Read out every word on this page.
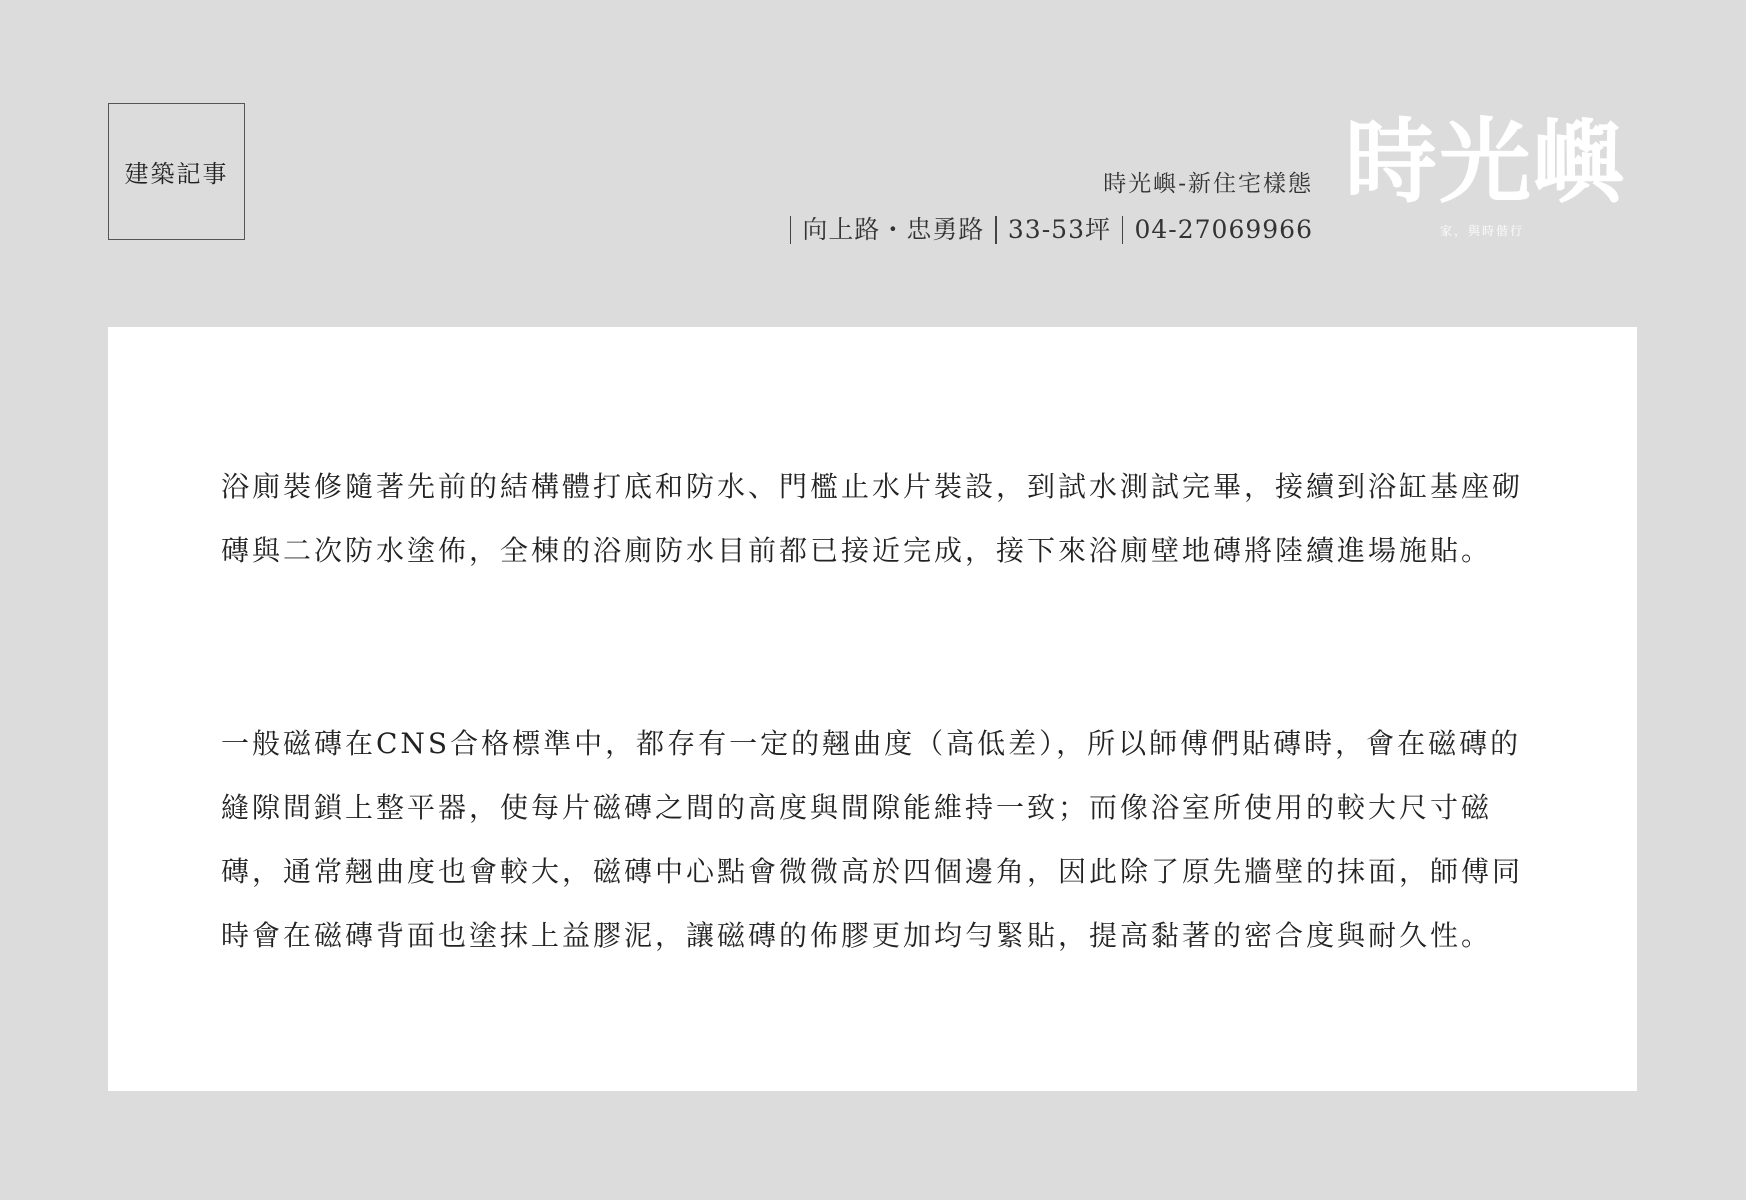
建築記事	時光嶼-新住宅樣態
向上路・忠勇路 33-53坪 04-27069966
時光嶼
家，與時偕行

浴廁裝修隨著先前的結構體打底和防水、門檻止水片裝設，到試水測試完畢，接續到浴缸基座砌磚與二次防水塗佈，全棟的浴廁防水目前都已接近完成，接下來浴廁壁地磚將陸續進場施貼。

一般磁磚在CNS合格標準中，都存有一定的翹曲度（高低差），所以師傅們貼磚時，會在磁磚的縫隙間鎖上整平器，使每片磁磚之間的高度與間隙能維持一致；而像浴室所使用的較大尺寸磁磚，通常翹曲度也會較大，磁磚中心點會微微高於四個邊角，因此除了原先牆壁的抹面，師傅同時會在磁磚背面也塗抹上益膠泥，讓磁磚的佈膠更加均勻緊貼，提高黏著的密合度與耐久性。
